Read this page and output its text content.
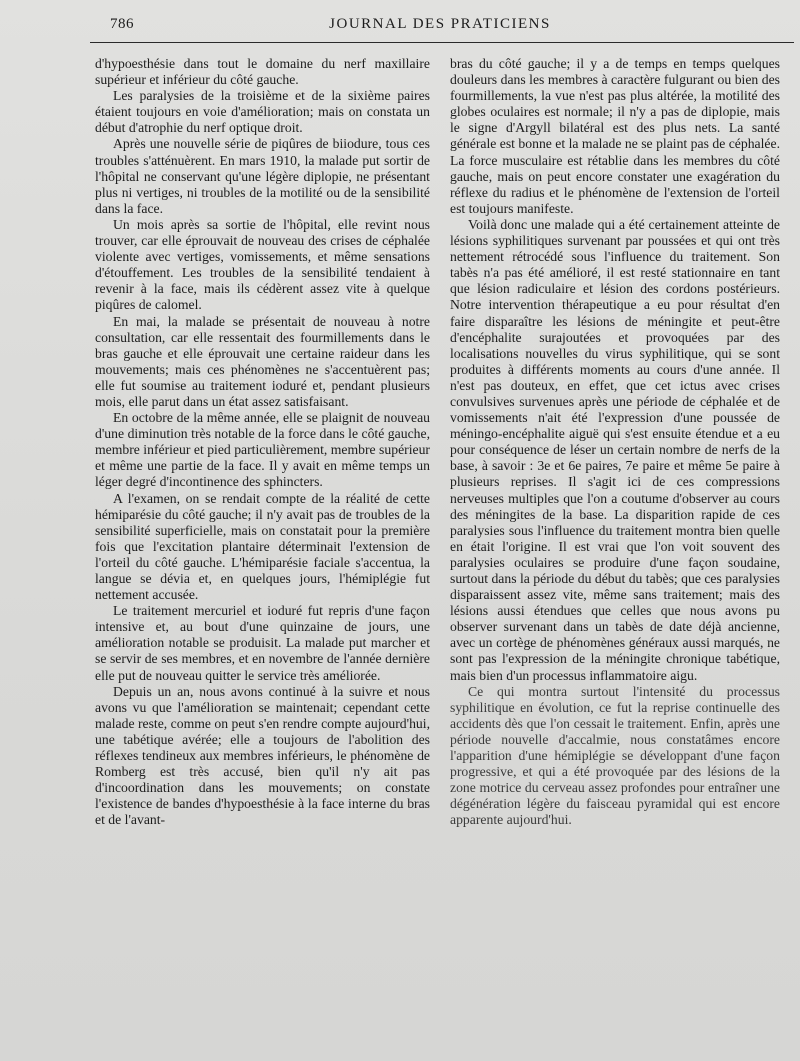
786	JOURNAL DES PRATICIENS

d'hypoesthésie dans tout le domaine du nerf maxillaire supérieur et inférieur du côté gauche.

Les paralysies de la troisième et de la sixième paires étaient toujours en voie d'amélioration; mais on constata un début d'atrophie du nerf optique droit.

Après une nouvelle série de piqûres de biiodure, tous ces troubles s'atténuèrent. En mars 1910, la malade put sortir de l'hôpital ne conservant qu'une légère diplopie, ne présentant plus ni vertiges, ni troubles de la motilité ou de la sensibilité dans la face.

Un mois après sa sortie de l'hôpital, elle revint nous trouver, car elle éprouvait de nouveau des crises de céphalée violente avec vertiges, vomissements, et même sensations d'étouffement. Les troubles de la sensibilité tendaient à revenir à la face, mais ils cédèrent assez vite à quelque piqûres de calomel.

En mai, la malade se présentait de nouveau à notre consultation, car elle ressentait des fourmillements dans le bras gauche et elle éprouvait une certaine raideur dans les mouvements; mais ces phénomènes ne s'accentuèrent pas; elle fut soumise au traitement ioduré et, pendant plusieurs mois, elle parut dans un état assez satisfaisant.

En octobre de la même année, elle se plaignit de nouveau d'une diminution très notable de la force dans le côté gauche, membre inférieur et pied particulièrement, membre supérieur et même une partie de la face. Il y avait en même temps un léger degré d'incontinence des sphincters.

A l'examen, on se rendait compte de la réalité de cette hémiparésie du côté gauche; il n'y avait pas de troubles de la sensibilité superficielle, mais on constatait pour la première fois que l'excitation plantaire déterminait l'extension de l'orteil du côté gauche. L'hémiparésie faciale s'accentua, la langue se dévia et, en quelques jours, l'hémiplégie fut nettement accusée.

Le traitement mercuriel et ioduré fut repris d'une façon intensive et, au bout d'une quinzaine de jours, une amélioration notable se produisit. La malade put marcher et se servir de ses membres, et en novembre de l'année dernière elle put de nouveau quitter le service très améliorée.

Depuis un an, nous avons continué à la suivre et nous avons vu que l'amélioration se maintenait; cependant cette malade reste, comme on peut s'en rendre compte aujourd'hui, une tabétique avérée; elle a toujours de l'abolition des réflexes tendineux aux membres inférieurs, le phénomène de Romberg est très accusé, bien qu'il n'y ait pas d'incoordination dans les mouvements; on constate l'existence de bandes d'hypoesthésie à la face interne du bras et de l'avant-

bras du côté gauche; il y a de temps en temps quelques douleurs dans les membres à caractère fulgurant ou bien des fourmillements, la vue n'est pas plus altérée, la motilité des globes oculaires est normale; il n'y a pas de diplopie, mais le signe d'Argyll bilatéral est des plus nets. La santé générale est bonne et la malade ne se plaint pas de céphalée. La force musculaire est rétablie dans les membres du côté gauche, mais on peut encore constater une exagération du réflexe du radius et le phénomène de l'extension de l'orteil est toujours manifeste.

Voilà donc une malade qui a été certainement atteinte de lésions syphilitiques survenant par poussées et qui ont très nettement rétrocédé sous l'influence du traitement. Son tabès n'a pas été amélioré, il est resté stationnaire en tant que lésion radiculaire et lésion des cordons postérieurs. Notre intervention thérapeutique a eu pour résultat d'en faire disparaître les lésions de méningite et peut-être d'encéphalite surajoutées et provoquées par des localisations nouvelles du virus syphilitique, qui se sont produites à différents moments au cours d'une année. Il n'est pas douteux, en effet, que cet ictus avec crises convulsives survenues après une période de céphalée et de vomissements n'ait été l'expression d'une poussée de méningo-encéphalite aiguë qui s'est ensuite étendue et a eu pour conséquence de léser un certain nombre de nerfs de la base, à savoir : 3e et 6e paires, 7e paire et même 5e paire à plusieurs reprises. Il s'agit ici de ces compressions nerveuses multiples que l'on a coutume d'observer au cours des méningites de la base. La disparition rapide de ces paralysies sous l'influence du traitement montra bien quelle en était l'origine. Il est vrai que l'on voit souvent des paralysies oculaires se produire d'une façon soudaine, surtout dans la période du début du tabès; que ces paralysies disparaissent assez vite, même sans traitement; mais des lésions aussi étendues que celles que nous avons pu observer survenant dans un tabès de date déjà ancienne, avec un cortège de phénomènes généraux aussi marqués, ne sont pas l'expression de la méningite chronique tabétique, mais bien d'un processus inflammatoire aigu.

Ce qui montra surtout l'intensité du processus syphilitique en évolution, ce fut la reprise continuelle des accidents dès que l'on cessait le traitement. Enfin, après une période nouvelle d'accalmie, nous constatâmes encore l'apparition d'une hémiplégie se développant d'une façon progressive, et qui a été provoquée par des lésions de la zone motrice du cerveau assez profondes pour entraîner une dégénération légère du faisceau pyramidal qui est encore apparente aujourd'hui.
